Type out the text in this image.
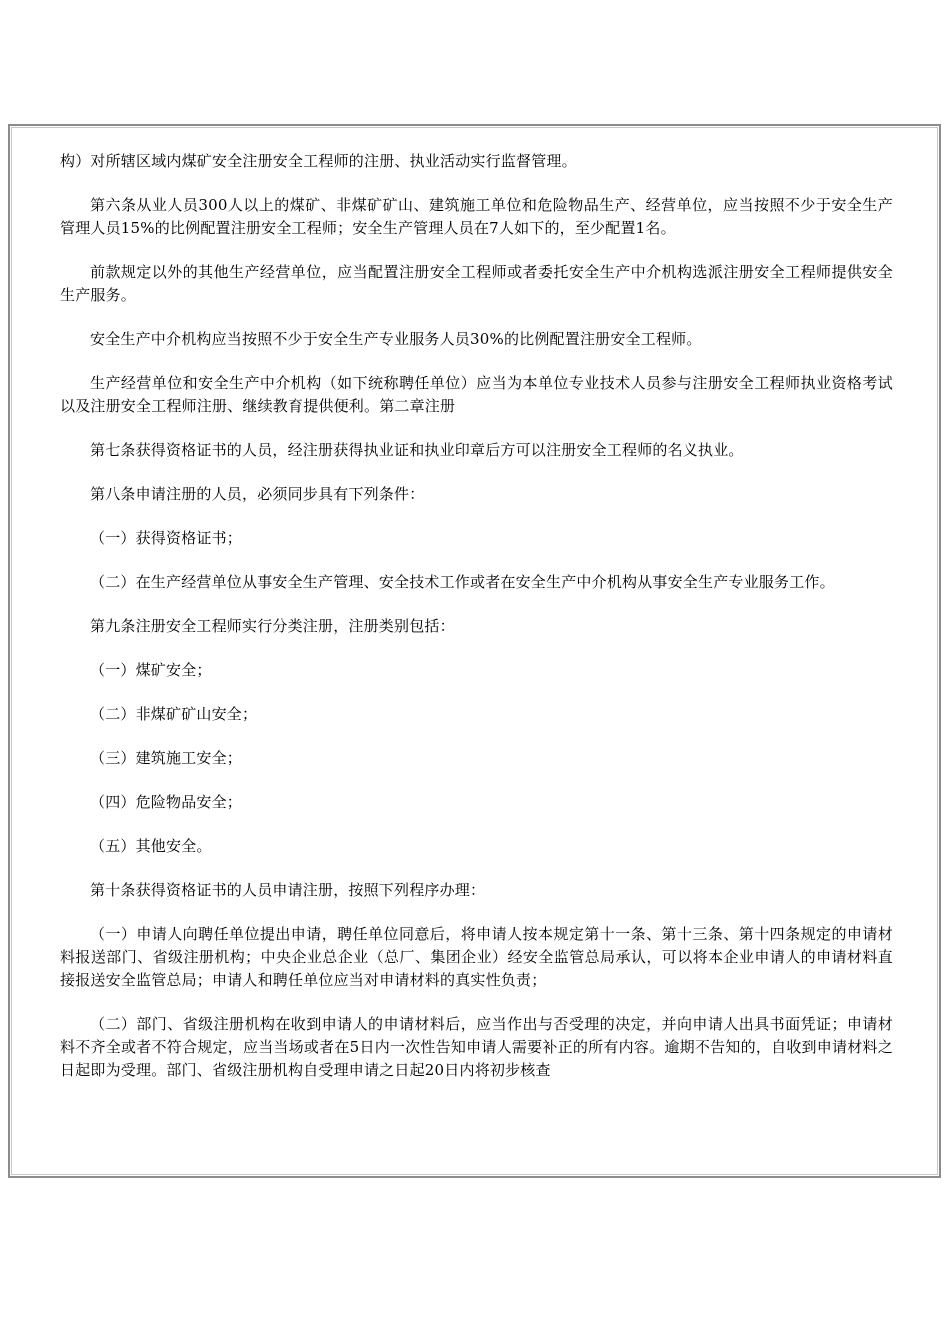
构）对所辖区域内煤矿安全注册安全工程师的注册、执业活动实行监督管理。

第六条从业人员300人以上的煤矿、非煤矿矿山、建筑施工单位和危险物品生产、经营单位，应当按照不少于安全生产管理人员15%的比例配置注册安全工程师；安全生产管理人员在7人如下的，至少配置1名。

前款规定以外的其他生产经营单位，应当配置注册安全工程师或者委托安全生产中介机构选派注册安全工程师提供安全生产服务。

安全生产中介机构应当按照不少于安全生产专业服务人员30%的比例配置注册安全工程师。

生产经营单位和安全生产中介机构（如下统称聘任单位）应当为本单位专业技术人员参与注册安全工程师执业资格考试以及注册安全工程师注册、继续教育提供便利。第二章注册

第七条获得资格证书的人员，经注册获得执业证和执业印章后方可以注册安全工程师的名义执业。

第八条申请注册的人员，必须同步具有下列条件：

（一）获得资格证书；

（二）在生产经营单位从事安全生产管理、安全技术工作或者在安全生产中介机构从事安全生产专业服务工作。

第九条注册安全工程师实行分类注册，注册类别包括：

（一）煤矿安全；

（二）非煤矿矿山安全；

（三）建筑施工安全；

（四）危险物品安全；

（五）其他安全。

第十条获得资格证书的人员申请注册，按照下列程序办理：

（一）申请人向聘任单位提出申请，聘任单位同意后，将申请人按本规定第十一条、第十三条、第十四条规定的申请材料报送部门、省级注册机构；中央企业总企业（总厂、集团企业）经安全监管总局承认，可以将本企业申请人的申请材料直接报送安全监管总局；申请人和聘任单位应当对申请材料的真实性负责；

（二）部门、省级注册机构在收到申请人的申请材料后，应当作出与否受理的决定，并向申请人出具书面凭证；申请材料不齐全或者不符合规定，应当当场或者在5日内一次性告知申请人需要补正的所有内容。逾期不告知的，自收到申请材料之日起即为受理。部门、省级注册机构自受理申请之日起20日内将初步核查
